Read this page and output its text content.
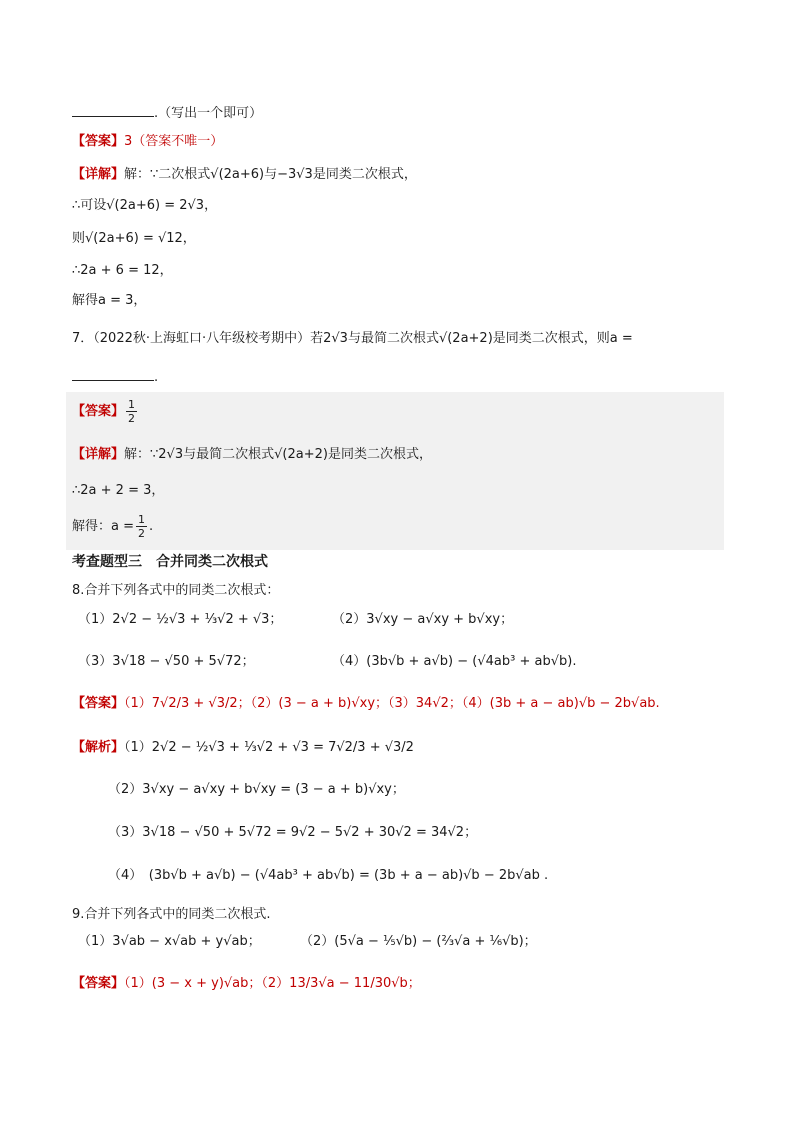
.（写出一个即可）
【答案】3（答案不唯一）
【详解】解：∵二次根式√(2a+6)与−3√3是同类二次根式，
∴可设√(2a+6) = 2√3，
则√(2a+6) = √12，
∴2a + 6 = 12，
解得a = 3，
7．（2022秋·上海虹口·八年级校考期中）若2√3与最简二次根式√(2a+2)是同类二次根式，则a =
.
【答案】 $\frac{1}{2}$
【详解】解：∵2√3与最简二次根式√(2a+2)是同类二次根式，
∴2a + 2 = 3，
解得：$a = \frac{1}{2}$ .
考查题型三　合并同类二次根式
8.合并下列各式中的同类二次根式：
（1）2√2 − ½√3 + ⅓√2 + √3；	（2）3√xy − a√xy + b√xy；
（3）3√18 − √50 + 5√72；	（4）(3b√b + a√b) − (√4ab³ + ab√b).
【答案】（1）7√2/3 + √3/2；（2）(3 − a + b)√xy；（3）34√2；（4）(3b + a − ab)√b − 2b√ab.
【解析】（1）2√2 − ½√3 + ⅓√2 + √3 = 7√2/3 + √3/2
（2）3√xy − a√xy + b√xy = (3 − a + b)√xy；
（3）3√18 − √50 + 5√72 = 9√2 − 5√2 + 30√2 = 34√2；
（4）　(3b√b + a√b) − (√4ab³ + ab√b) = (3b + a − ab)√b − 2b√ab .
9.合并下列各式中的同类二次根式.
（1）3√ab − x√ab + y√ab；	（2）(5√a − ⅕√b) − (⅔√a + ⅙√b)；
【答案】（1）(3 − x + y)√ab；（2）13/3√a − 11/30√b；
